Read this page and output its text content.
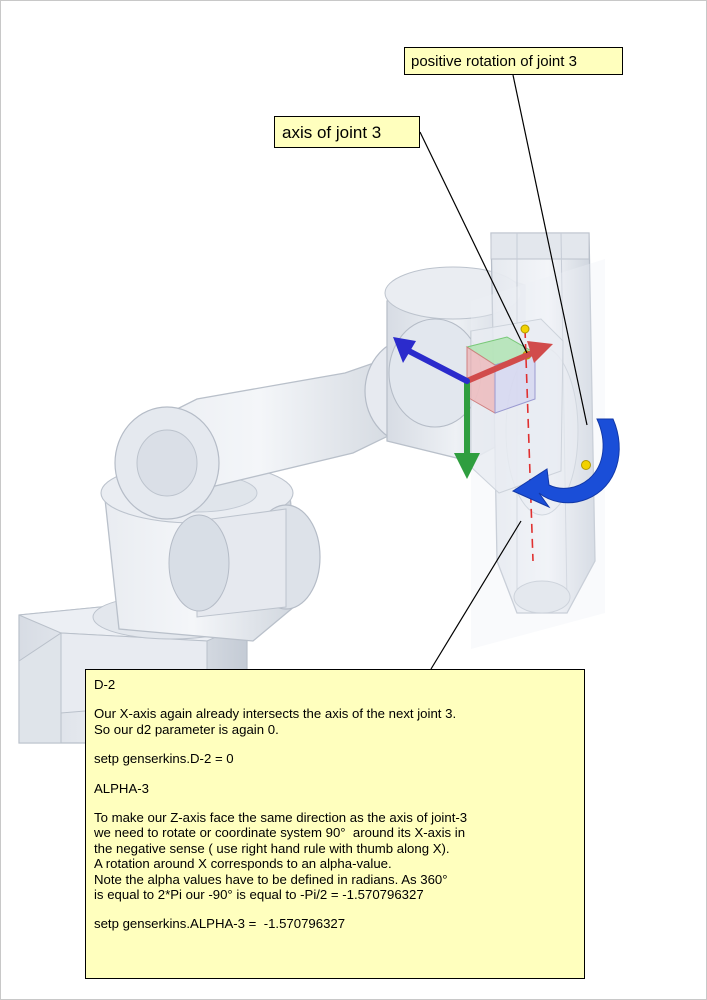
positive rotation of joint 3
axis of joint 3

D-2

Our X-axis again already intersects the axis of the next joint 3.

So our d2 parameter is again 0.

setp genserkins.D-2 = 0

ALPHA-3

To make our Z-axis face the same direction as the axis of joint-3

we need to rotate or coordinate system 90°  around its X-axis in

the negative sense ( use right hand rule with thumb along X).

A rotation around X corresponds to an alpha-value.

Note the alpha values have to be defined in radians. As 360°

is equal to 2*Pi our -90° is equal to -Pi/2 = -1.570796327

setp genserkins.ALPHA-3 =  -1.570796327
